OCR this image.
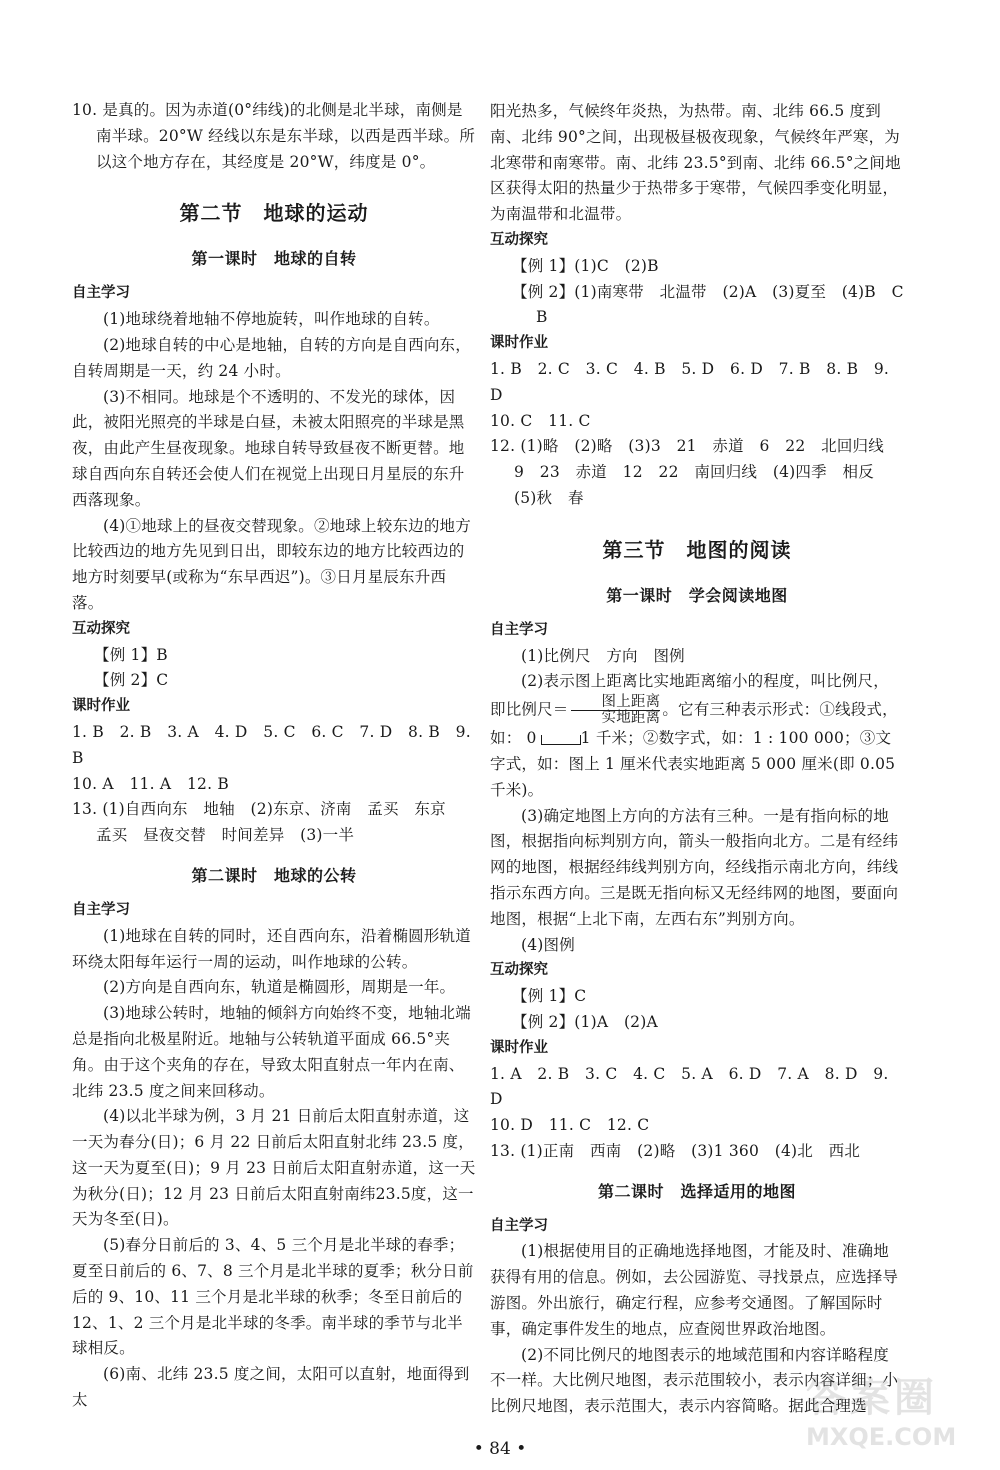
10. 是真的。因为赤道(0°纬线)的北侧是北半球，南侧是南半球。20°W 经线以东是东半球，以西是西半球。所以这个地方存在，其经度是 20°W，纬度是 0°。

第二节　地球的运动
第一课时　地球的自转

自主学习

(1)地球绕着地轴不停地旋转，叫作地球的自转。

(2)地球自转的中心是地轴，自转的方向是自西向东，自转周期是一天，约 24 小时。

(3)不相同。地球是个不透明的、不发光的球体，因此，被阳光照亮的半球是白昼，未被太阳照亮的半球是黑夜，由此产生昼夜现象。地球自转导致昼夜不断更替。地球自西向东自转还会使人们在视觉上出现日月星辰的东升西落现象。

(4)①地球上的昼夜交替现象。②地球上较东边的地方比较西边的地方先见到日出，即较东边的地方比较西边的地方时刻要早(或称为“东早西迟”)。③日月星辰东升西落。

互动探究

【例 1】B

【例 2】C

课时作业

1. B　2. B　3. A　4. D　5. C　6. C　7. D　8. B　9. B

10. A　11. A　12. B

13. (1)自西向东　地轴　(2)东京、济南　孟买　东京　孟买　昼夜交替　时间差异　(3)一半

第二课时　地球的公转

自主学习

(1)地球在自转的同时，还自西向东，沿着椭圆形轨道环绕太阳每年运行一周的运动，叫作地球的公转。

(2)方向是自西向东，轨道是椭圆形，周期是一年。

(3)地球公转时，地轴的倾斜方向始终不变，地轴北端总是指向北极星附近。地轴与公转轨道平面成 66.5°夹角。由于这个夹角的存在，导致太阳直射点一年内在南、北纬 23.5 度之间来回移动。

(4)以北半球为例，3 月 21 日前后太阳直射赤道，这一天为春分(日)；6 月 22 日前后太阳直射北纬 23.5 度，这一天为夏至(日)；9 月 23 日前后太阳直射赤道，这一天为秋分(日)；12 月 23 日前后太阳直射南纬23.5度，这一天为冬至(日)。

(5)春分日前后的 3、4、5 三个月是北半球的春季；夏至日前后的 6、7、8 三个月是北半球的夏季；秋分日前后的 9、10、11 三个月是北半球的秋季；冬至日前后的 12、1、2 三个月是北半球的冬季。南半球的季节与北半球相反。

(6)南、北纬 23.5 度之间，太阳可以直射，地面得到太

阳光热多，气候终年炎热，为热带。南、北纬 66.5 度到南、北纬 90°之间，出现极昼极夜现象，气候终年严寒，为北寒带和南寒带。南、北纬 23.5°到南、北纬 66.5°之间地区获得太阳的热量少于热带多于寒带，气候四季变化明显，为南温带和北温带。

互动探究

【例 1】(1)C　(2)B

【例 2】(1)南寒带　北温带　(2)A　(3)夏至　(4)B　C　B

课时作业

1. B　2. C　3. C　4. B　5. D　6. D　7. B　8. B　9. D

10. C　11. C

12. (1)略　(2)略　(3)3　21　赤道　6　22　北回归线　9　23　赤道　12　22　南回归线　(4)四季　相反　(5)秋　春

第三节　地图的阅读
第一课时　学会阅读地图

自主学习

(1)比例尺　方向　图例

(2)表示图上距离比实地距离缩小的程度，叫比例尺，即比例尺＝ $\frac{\text{图上距离}}{\text{实地距离}}$ 。它有三种表示形式：①线段式，如： 0	1 千米；②数字式，如：1 : 100 000；③文字式，如：图上 1 厘米代表实地距离 5 000 厘米(即 0.05 千米)。

(3)确定地图上方向的方法有三种。一是有指向标的地图，根据指向标判别方向，箭头一般指向北方。二是有经纬网的地图，根据经纬线判别方向，经线指示南北方向，纬线指示东西方向。三是既无指向标又无经纬网的地图，要面向地图，根据“上北下南，左西右东”判别方向。

(4)图例

互动探究

【例 1】C

【例 2】(1)A　(2)A

课时作业

1. A　2. B　3. C　4. C　5. A　6. D　7. A　8. D　9. D

10. D　11. C　12. C

13. (1)正南　西南　(2)略　(3)1 360　(4)北　西北

第二课时　选择适用的地图

自主学习

(1)根据使用目的正确地选择地图，才能及时、准确地获得有用的信息。例如，去公园游览、寻找景点，应选择导游图。外出旅行，确定行程，应参考交通图。了解国际时事，确定事件发生的地点，应查阅世界政治地图。

(2)不同比例尺的地图表示的地域范围和内容详略程度不一样。大比例尺地图，表示范围较小，表示内容详细；小比例尺地图，表示范围大，表示内容简略。据此合理选

• 84 •
答案圈
MXQE.COM
